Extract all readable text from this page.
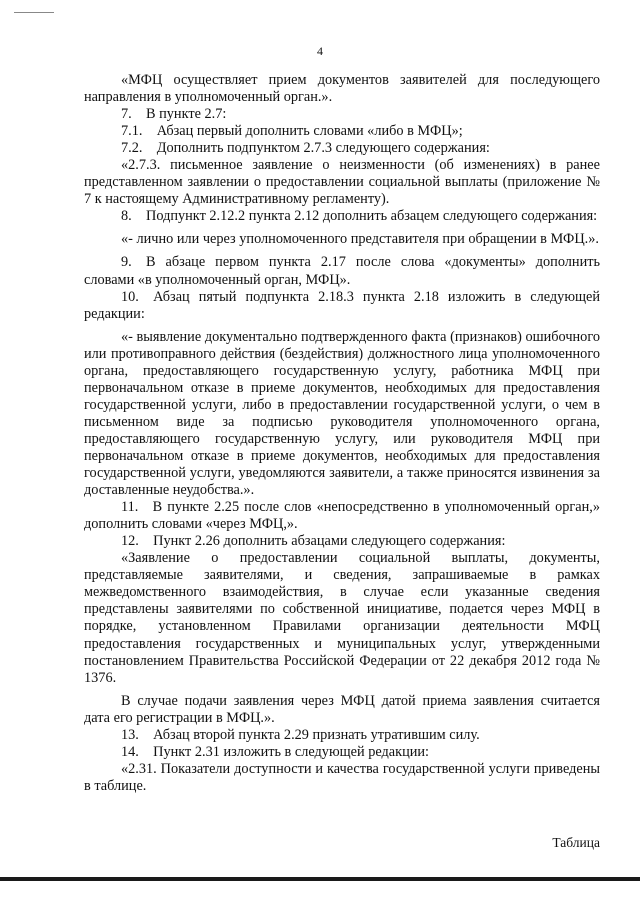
4

«МФЦ осуществляет прием документов заявителей для последующего направления в уполномоченный орган.».

7. В пункте 2.7:

7.1. Абзац первый дополнить словами «либо в МФЦ»;

7.2. Дополнить подпунктом 2.7.3 следующего содержания:

«2.7.3. письменное заявление о неизменности (об изменениях) в ранее представленном заявлении о предоставлении социальной выплаты (приложение № 7 к настоящему Административному регламенту).

8. Подпункт 2.12.2 пункта 2.12 дополнить абзацем следующего содержания:

«- лично или через уполномоченного представителя при обращении в МФЦ.».

9. В абзаце первом пункта 2.17 после слова «документы» дополнить словами «в уполномоченный орган, МФЦ».

10. Абзац пятый подпункта 2.18.3 пункта 2.18 изложить в следующей редакции:

«- выявление документально подтвержденного факта (признаков) ошибочного или противоправного действия (бездействия) должностного лица уполномоченного органа, предоставляющего государственную услугу, работника МФЦ при первоначальном отказе в приеме документов, необходимых для предоставления государственной услуги, либо в предоставлении государственной услуги, о чем в письменном виде за подписью руководителя уполномоченного органа, предоставляющего государственную услугу, или руководителя МФЦ при первоначальном отказе в приеме документов, необходимых для предоставления государственной услуги, уведомляются заявители, а также приносятся извинения за доставленные неудобства.».

11. В пункте 2.25 после слов «непосредственно в уполномоченный орган,» дополнить словами «через МФЦ,».

12. Пункт 2.26 дополнить абзацами следующего содержания:

«Заявление о предоставлении социальной выплаты, документы, представляемые заявителями, и сведения, запрашиваемые в рамках межведомственного взаимодействия, в случае если указанные сведения представлены заявителями по собственной инициативе, подается через МФЦ в порядке, установленном Правилами организации деятельности МФЦ предоставления государственных и муниципальных услуг, утвержденными постановлением Правительства Российской Федерации от 22 декабря 2012 года № 1376.

В случае подачи заявления через МФЦ датой приема заявления считается дата его регистрации в МФЦ.».

13. Абзац второй пункта 2.29 признать утратившим силу.

14. Пункт 2.31 изложить в следующей редакции:

«2.31. Показатели доступности и качества государственной услуги приведены в таблице.

Таблица
